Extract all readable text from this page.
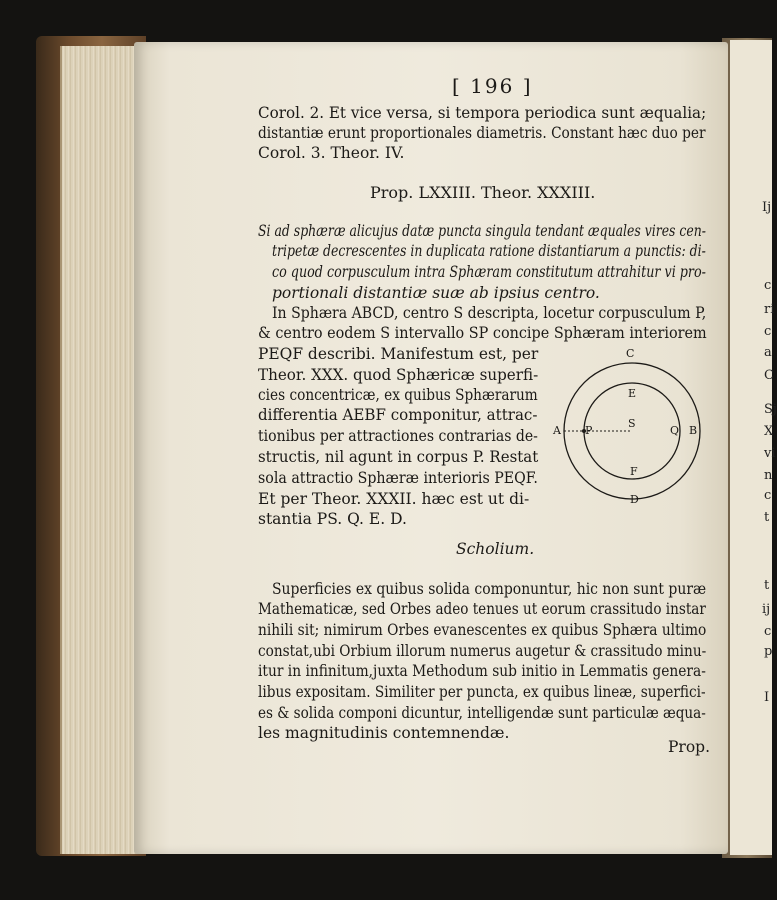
Ij
c
ri
c
a
C
Sj
X
vi
n
c
t
t
ij
c
p
I
[ 196 ]
Corol. 2. Et vice versa, si tempora periodica sunt æqualia;
distantiæ erunt proportionales diametris. Constant hæc duo per
Corol. 3. Theor. IV.
Prop. LXXIII. Theor. XXXIII.
Si ad sphæræ alicujus datæ puncta singula tendant æquales vires cen-
tripetæ decrescentes in duplicata ratione distantiarum a punctis: di-
co quod corpusculum intra Sphæram constitutum attrahitur vi pro-
portionali distantiæ suæ ab ipsius centro.
In Sphæra ABCD, centro S descripta, locetur corpusculum P,
& centro eodem S intervallo SP concipe Sphæram interiorem
PEQF describi. Manifestum est, per
Theor. XXX. quod Sphæricæ superfi-
cies concentricæ, ex quibus Sphærarum
differentia AEBF componitur, attrac-
tionibus per attractiones contrarias de-
structis, nil agunt in corpus P. Restat
sola attractio Sphæræ interioris PEQF.
Et per Theor. XXXII. hæc est ut di-
stantia PS. Q. E. D.
C
E
A P
S
Q B
F
D
Scholium.
Superficies ex quibus solida componuntur, hic non sunt puræ
Mathematicæ, sed Orbes adeo tenues ut eorum crassitudo instar
nihili sit; nimirum Orbes evanescentes ex quibus Sphæra ultimo
constat,ubi Orbium illorum numerus augetur & crassitudo minu-
itur in infinitum,juxta Methodum sub initio in Lemmatis genera-
libus expositam. Similiter per puncta, ex quibus lineæ, superfici-
es & solida componi dicuntur, intelligendæ sunt particulæ æqua-
les magnitudinis contemnendæ.
Prop.
